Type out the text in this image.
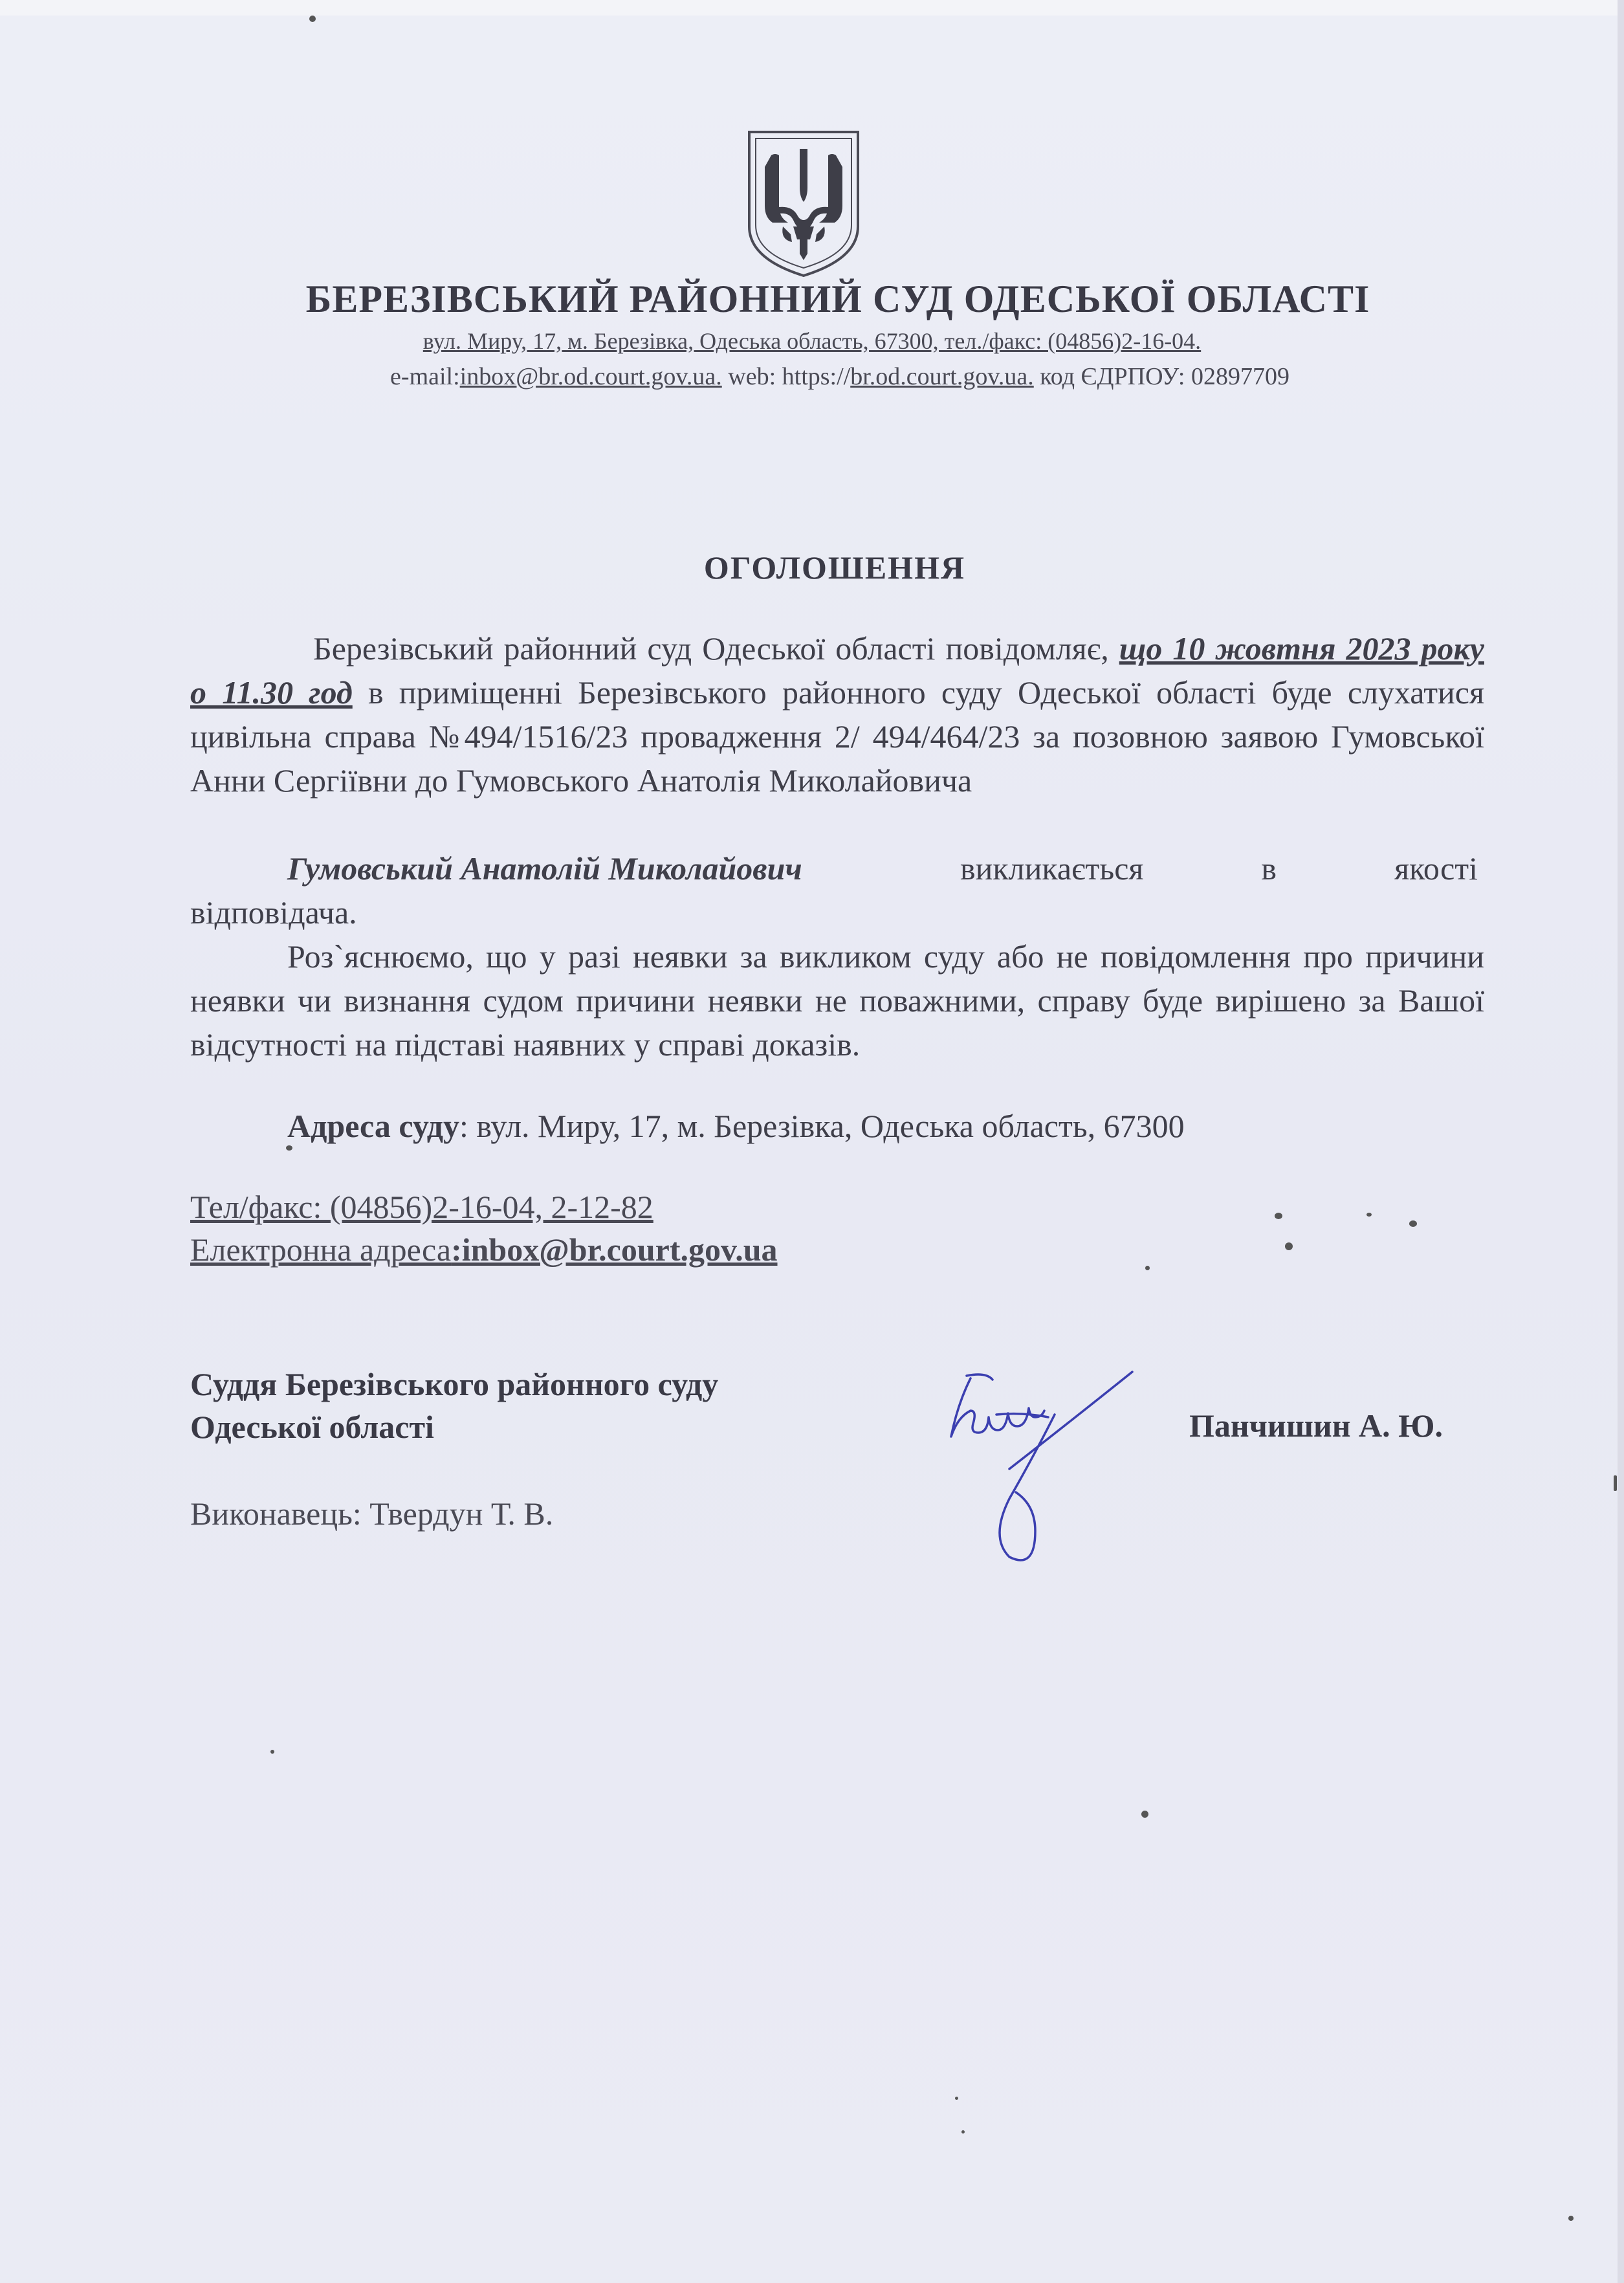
БЕРЕЗІВСЬКИЙ РАЙОННИЙ СУД ОДЕСЬКОЇ ОБЛАСТІ
вул. Миру, 17, м. Березівка, Одеська область, 67300, тел./факс: (04856)2-16-04.
e-mail:inbox@br.od.court.gov.ua. web: https://br.od.court.gov.ua. код ЄДРПОУ: 02897709
ОГОЛОШЕННЯ
Березівський районний суд Одеської області повідомляє, що 10 жовтня 2023 року о 11.30 год в приміщенні Березівського районного суду Одеської області буде слухатися цивільна справа №494/1516/23 провадження 2/ 494/464/23 за позовною заявою Гумовської Анни Сергіївни до Гумовського Анатолія Миколайовича
Гумовський Анатолій Миколайович	викликається в якості
відповідача.
Роз`яснюємо, що у разі неявки за викликом суду або не повідомлення про причини неявки чи визнання судом причини неявки не поважними, справу буде вирішено за Вашої відсутності на підставі наявних у справі доказів.
Адреса суду: вул. Миру, 17, м. Березівка, Одеська область, 67300
Тел/факс: (04856)2-16-04, 2-12-82
Електронна адреса:inbox@br.court.gov.ua
Суддя Березівського районного суду
Одеської області	Панчишин А. Ю.
Виконавець: Твердун Т. В.
